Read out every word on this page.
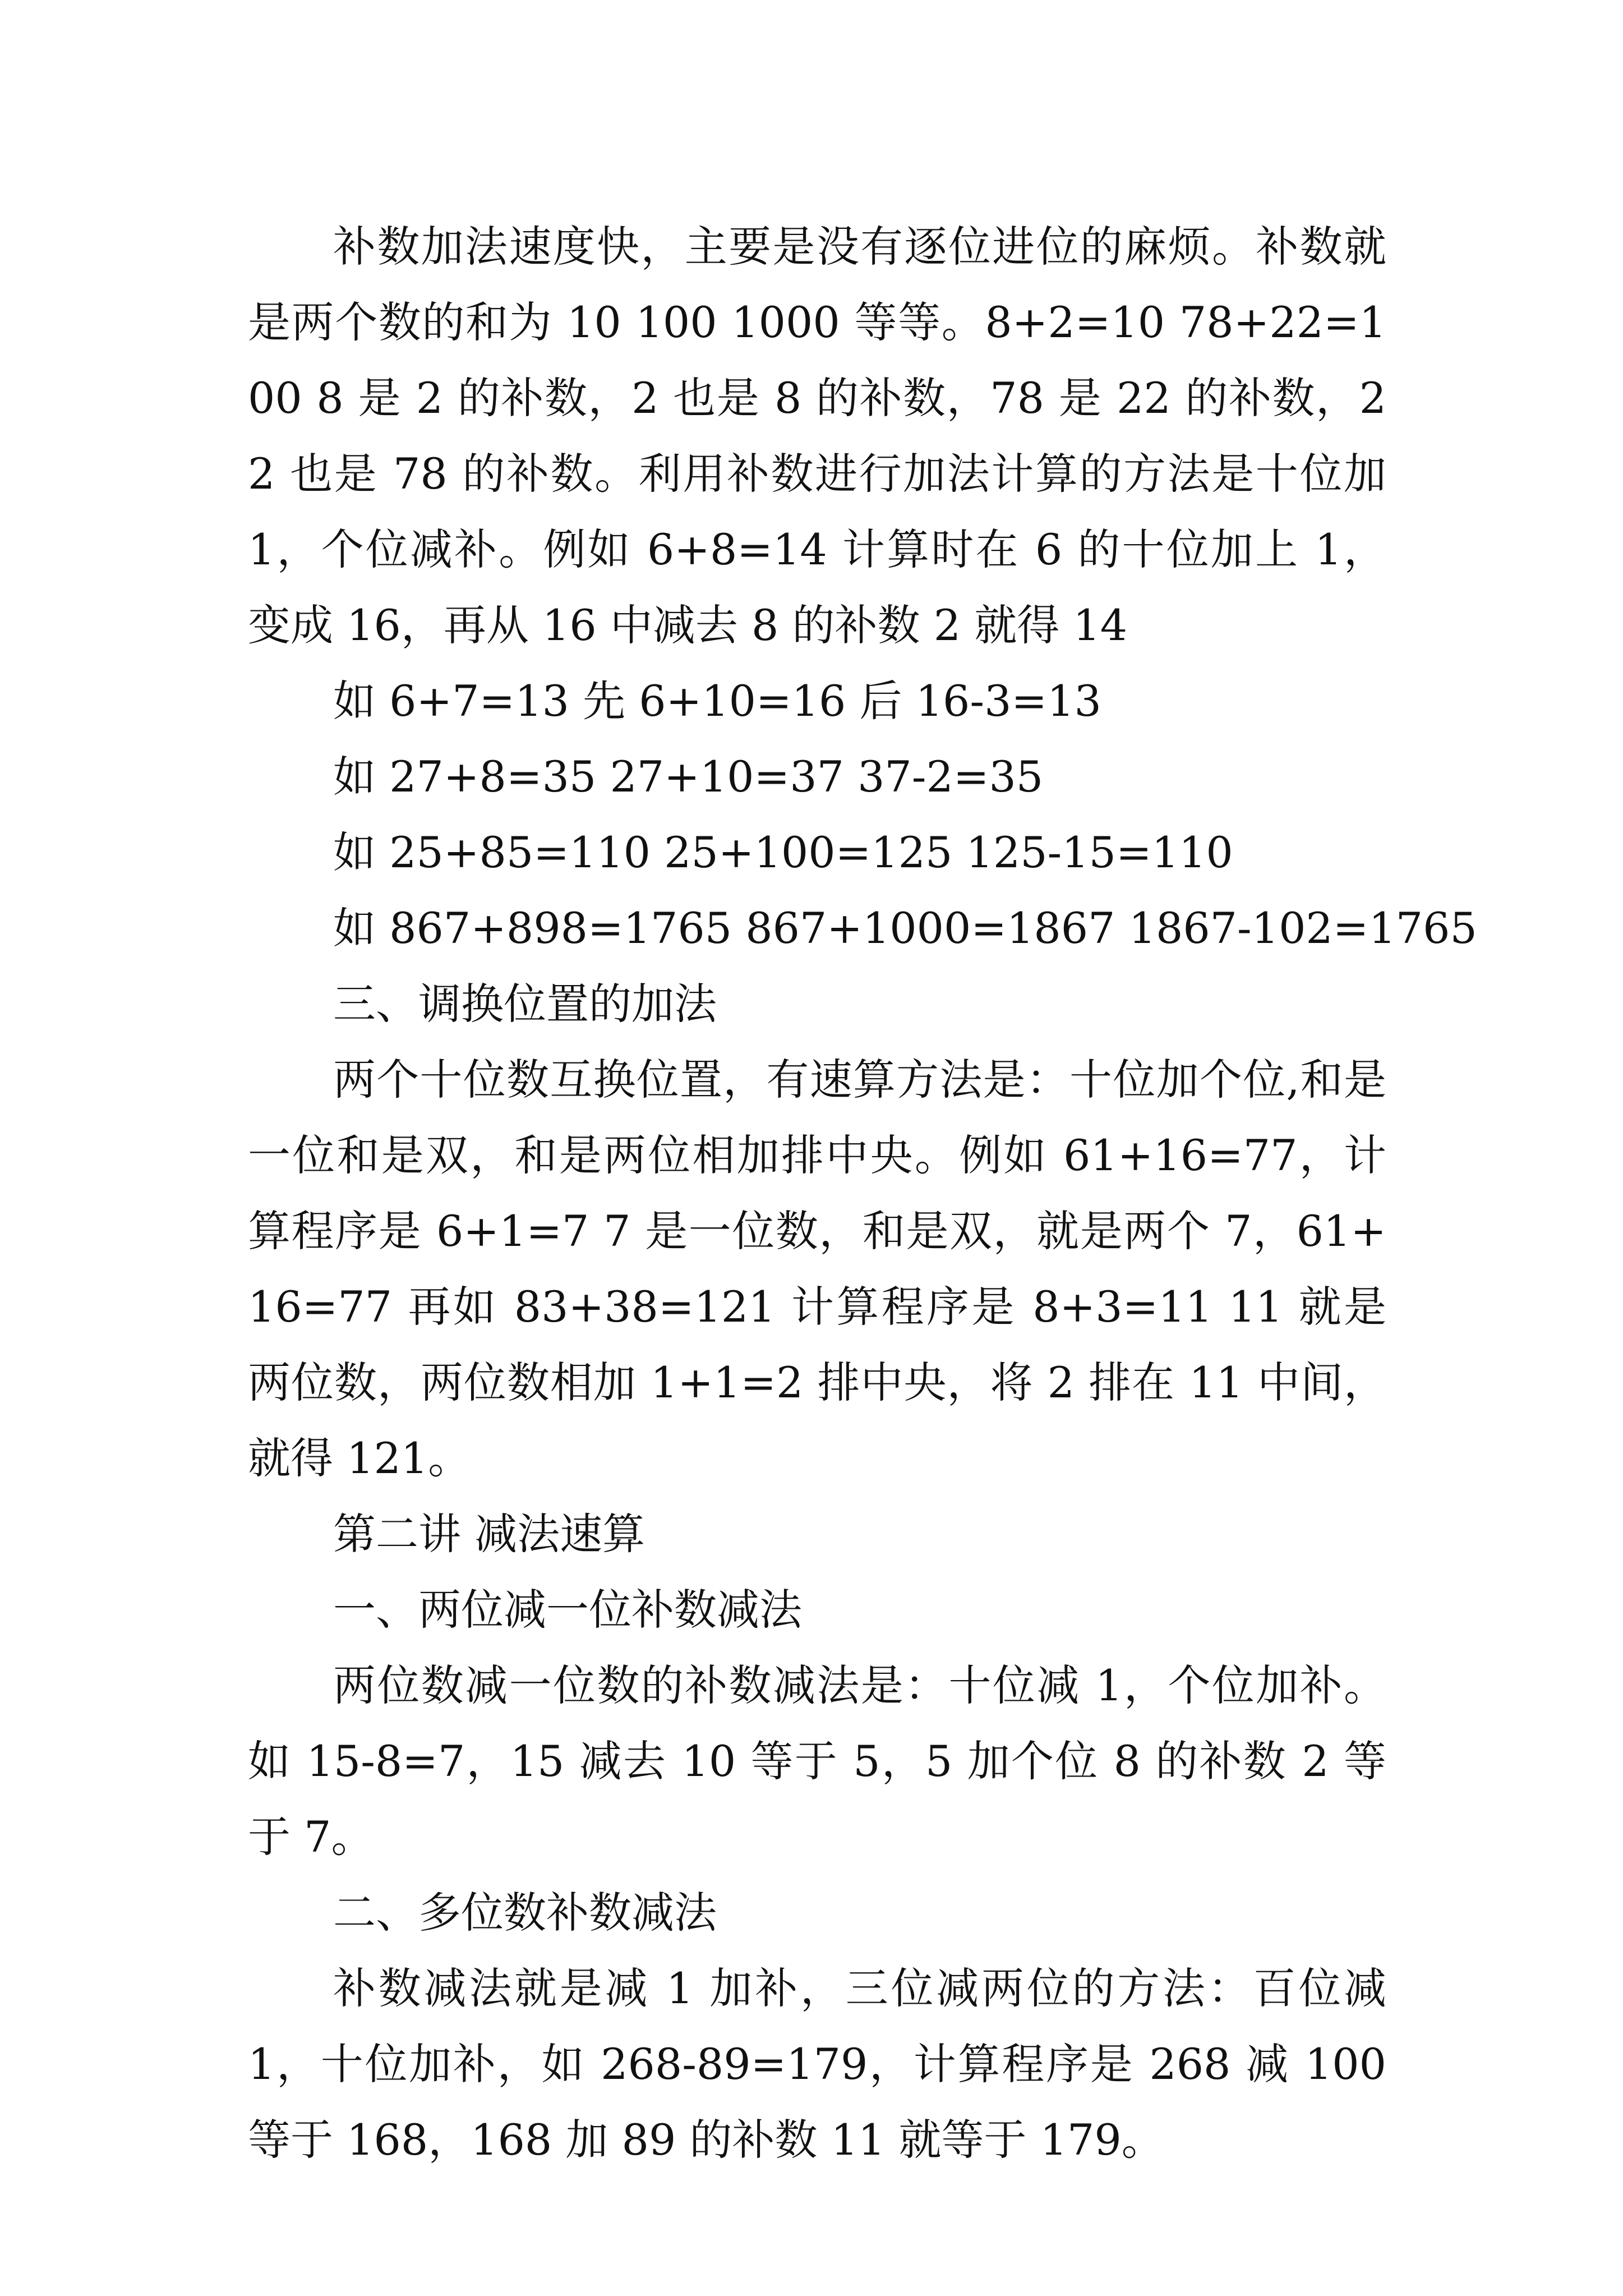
补数加法速度快，主要是没有逐位进位的麻烦。补数就是两个数的和为 10 100 1000 等等。8+2=10 78+22=100 8 是 2 的补数，2 也是 8 的补数，78 是 22 的补数，22 也是 78 的补数。利用补数进行加法计算的方法是十位加 1，个位减补。例如 6+8=14 计算时在 6 的十位加上 1，变成 16，再从 16 中减去 8 的补数 2 就得 14

如 6+7=13 先 6+10=16 后 16-3=13

如 27+8=35 27+10=37 37-2=35

如 25+85=110 25+100=125 125-15=110

如 867+898=1765 867+1000=1867 1867-102=1765

三、调换位置的加法

两个十位数互换位置，有速算方法是：十位加个位,和是一位和是双，和是两位相加排中央。例如 61+16=77，计算程序是 6+1=7 7 是一位数，和是双，就是两个 7，61+16=77 再如 83+38=121 计算程序是 8+3=11 11 就是两位数，两位数相加 1+1=2 排中央，将 2 排在 11 中间，就得 121。

第二讲 减法速算

一、两位减一位补数减法

两位数减一位数的补数减法是：十位减 1，个位加补。如 15-8=7，15 减去 10 等于 5，5 加个位 8 的补数 2 等于 7。

二、多位数补数减法

补数减法就是减 1 加补，三位减两位的方法：百位减 1，十位加补，如 268-89=179，计算程序是 268 减 100 等于 168，168 加 89 的补数 11 就等于 179。
